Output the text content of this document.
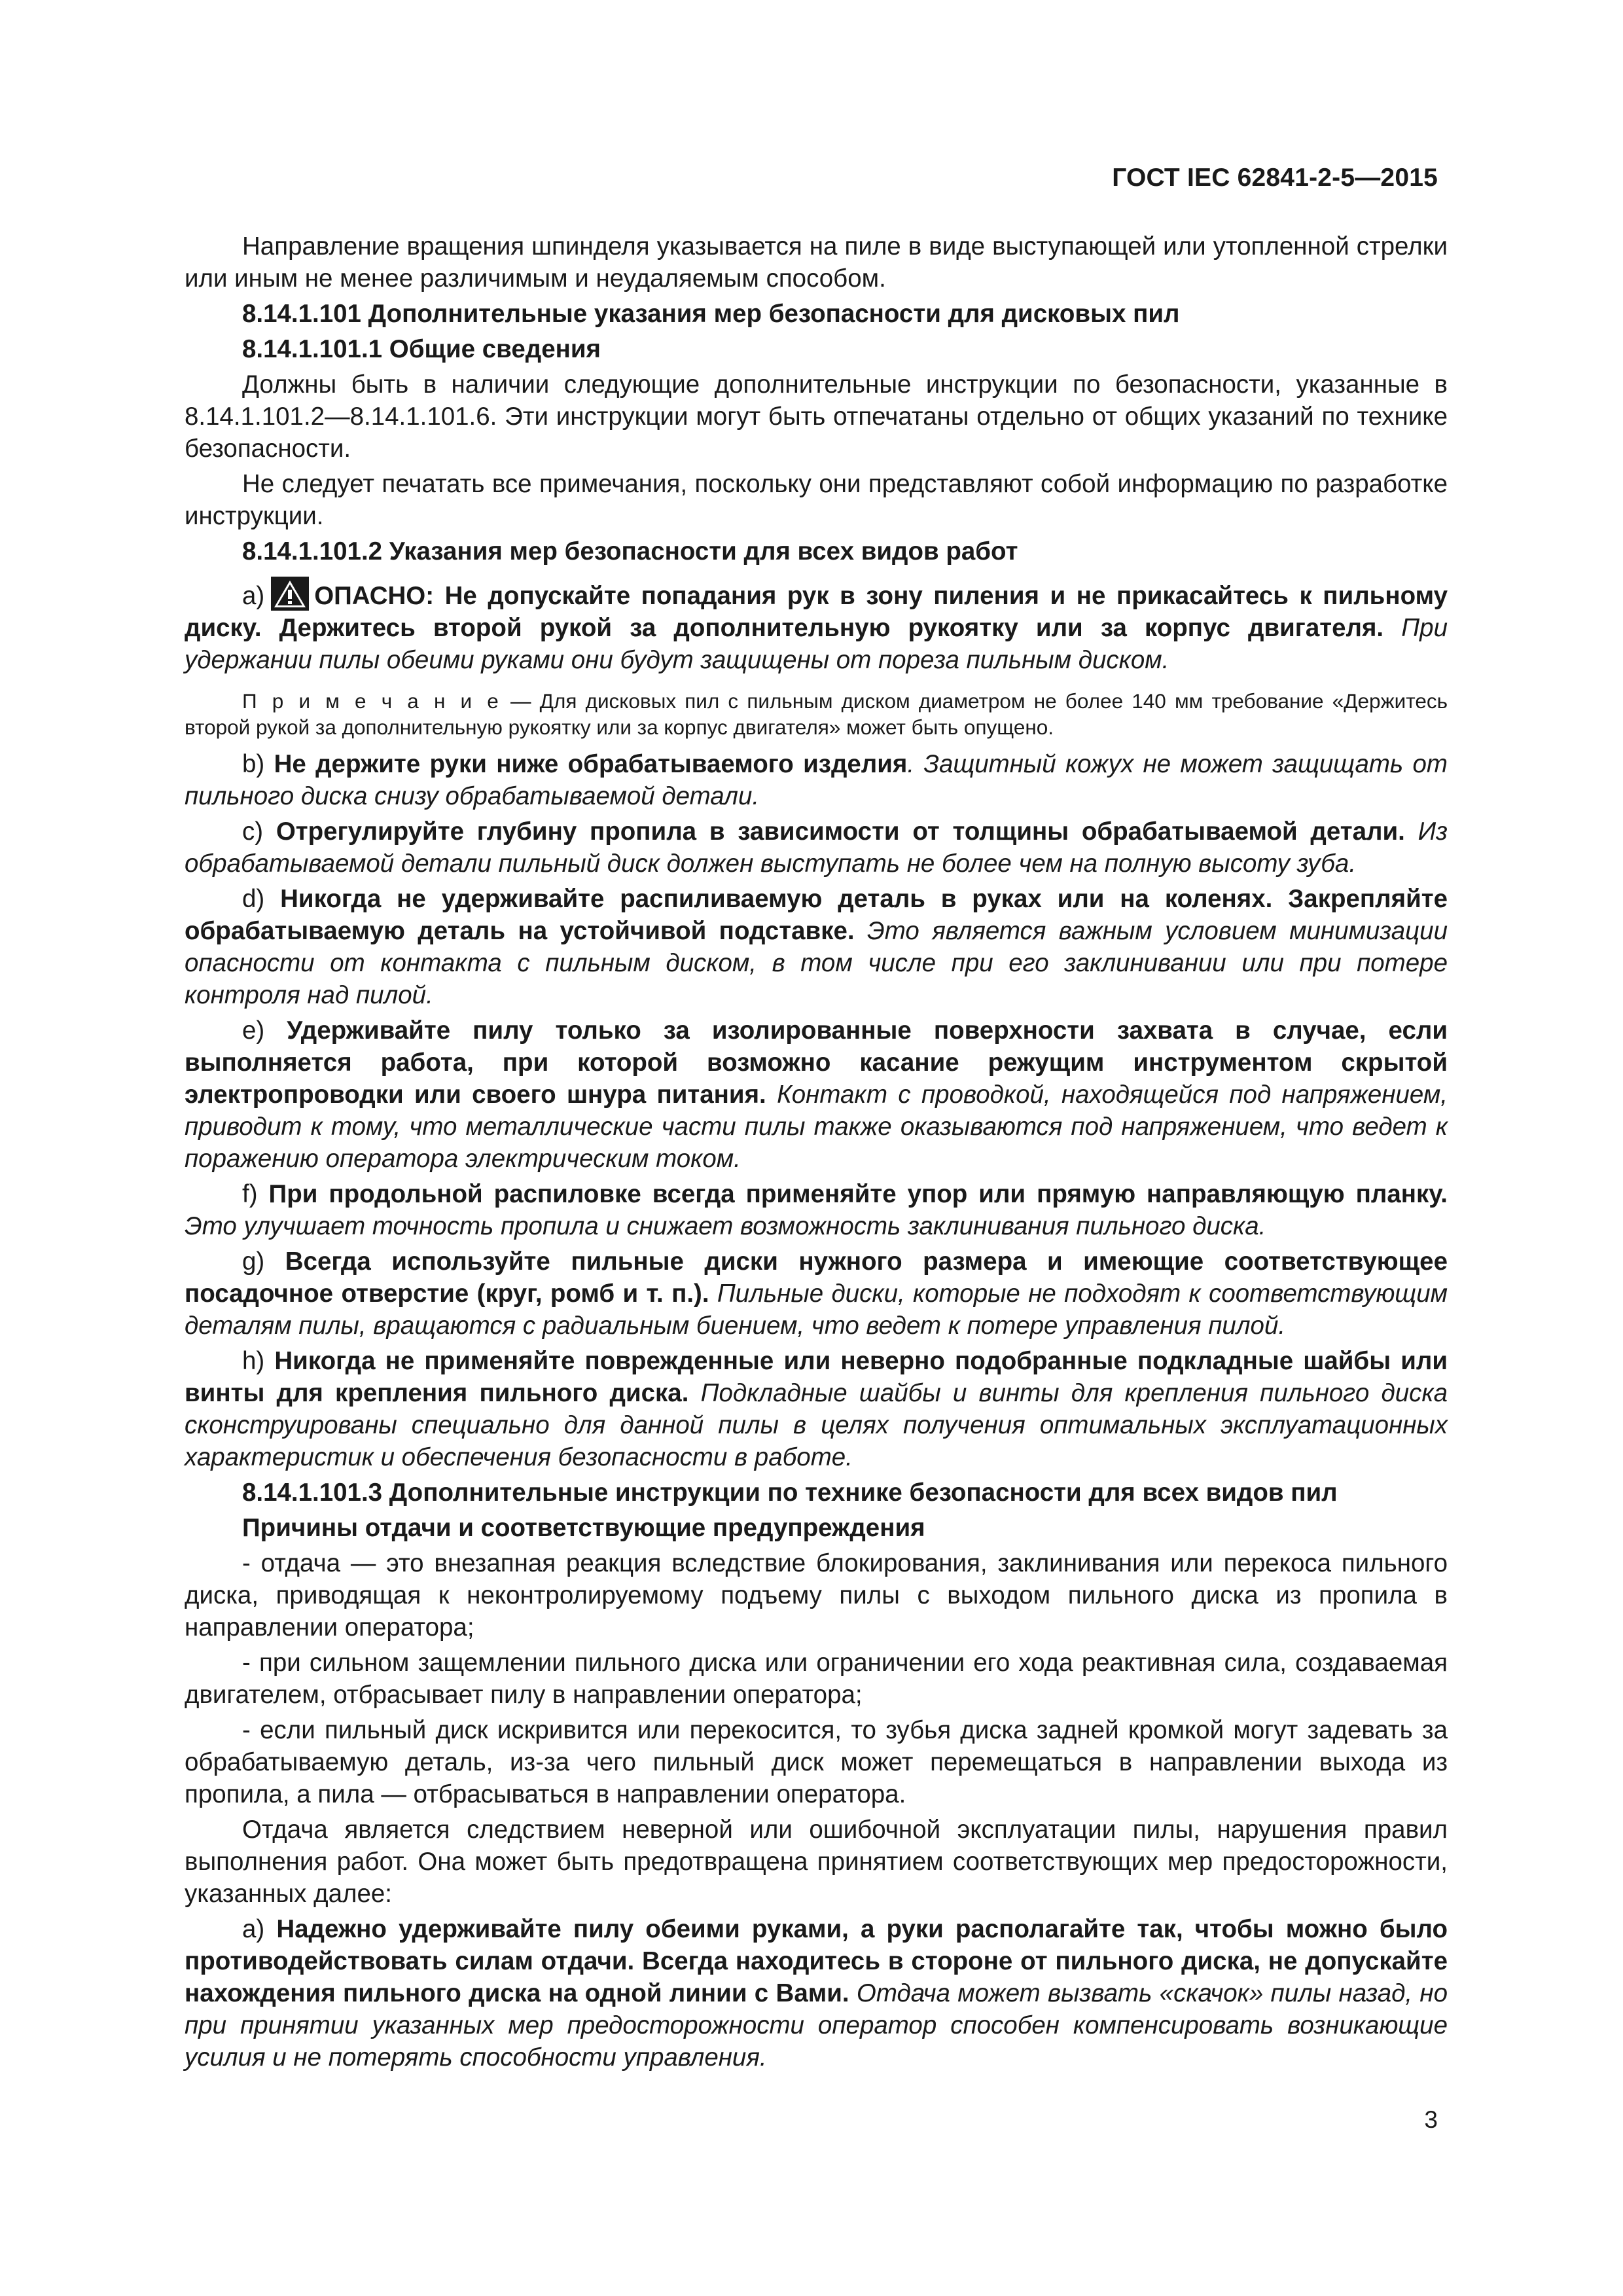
ГОСТ IEC 62841-2-5—2015

Направление вращения шпинделя указывается на пиле в виде выступающей или утопленной стрелки или иным не менее различимым и неудаляемым способом.

8.14.1.101 Дополнительные указания мер безопасности для дисковых пил

8.14.1.101.1 Общие сведения

Должны быть в наличии следующие дополнительные инструкции по безопасности, указанные в 8.14.1.101.2—8.14.1.101.6. Эти инструкции могут быть отпечатаны отдельно от общих указаний по технике безопасности.

Не следует печатать все примечания, поскольку они представляют собой информацию по разработке инструкции.

8.14.1.101.2 Указания мер безопасности для всех видов работ

а) ОПАСНО: Не допускайте попадания рук в зону пиления и не прикасайтесь к пильному диску. Держитесь второй рукой за дополнительную рукоятку или за корпус двигателя. При удержании пилы обеими руками они будут защищены от пореза пильным диском.

П р и м е ч а н и е — Для дисковых пил с пильным диском диаметром не более 140 мм требование «Держитесь второй рукой за дополнительную рукоятку или за корпус двигателя» может быть опущено.

b) Не держите руки ниже обрабатываемого изделия. Защитный кожух не может защищать от пильного диска снизу обрабатываемой детали.

c) Отрегулируйте глубину пропила в зависимости от толщины обрабатываемой детали. Из обрабатываемой детали пильный диск должен выступать не более чем на полную высоту зуба.

d) Никогда не удерживайте распиливаемую деталь в руках или на коленях. Закрепляйте обрабатываемую деталь на устойчивой подставке. Это является важным условием минимизации опасности от контакта с пильным диском, в том числе при его заклинивании или при потере контроля над пилой.

e) Удерживайте пилу только за изолированные поверхности захвата в случае, если выполняется работа, при которой возможно касание режущим инструментом скрытой электропроводки или своего шнура питания. Контакт с проводкой, находящейся под напряжением, приводит к тому, что металлические части пилы также оказываются под напряжением, что ведет к поражению оператора электрическим током.

f) При продольной распиловке всегда применяйте упор или прямую направляющую планку. Это улучшает точность пропила и снижает возможность заклинивания пильного диска.

g) Всегда используйте пильные диски нужного размера и имеющие соответствующее посадочное отверстие (круг, ромб и т. п.). Пильные диски, которые не подходят к соответствующим деталям пилы, вращаются с радиальным биением, что ведет к потере управления пилой.

h) Никогда не применяйте поврежденные или неверно подобранные подкладные шайбы или винты для крепления пильного диска. Подкладные шайбы и винты для крепления пильного диска сконструированы специально для данной пилы в целях получения оптимальных эксплуатационных характеристик и обеспечения безопасности в работе.

8.14.1.101.3 Дополнительные инструкции по технике безопасности для всех видов пил

Причины отдачи и соответствующие предупреждения

- отдача — это внезапная реакция вследствие блокирования, заклинивания или перекоса пильного диска, приводящая к неконтролируемому подъему пилы с выходом пильного диска из пропила в направлении оператора;

- при сильном защемлении пильного диска или ограничении его хода реактивная сила, создаваемая двигателем, отбрасывает пилу в направлении оператора;

- если пильный диск искривится или перекосится, то зубья диска задней кромкой могут задевать за обрабатываемую деталь, из-за чего пильный диск может перемещаться в направлении выхода из пропила, а пила — отбрасываться в направлении оператора.

Отдача является следствием неверной или ошибочной эксплуатации пилы, нарушения правил выполнения работ. Она может быть предотвращена принятием соответствующих мер предосторожности, указанных далее:

а) Надежно удерживайте пилу обеими руками, а руки располагайте так, чтобы можно было противодействовать силам отдачи. Всегда находитесь в стороне от пильного диска, не допускайте нахождения пильного диска на одной линии с Вами. Отдача может вызвать «скачок» пилы назад, но при принятии указанных мер предосторожности оператор способен компенсировать возникающие усилия и не потерять способности управления.

3
